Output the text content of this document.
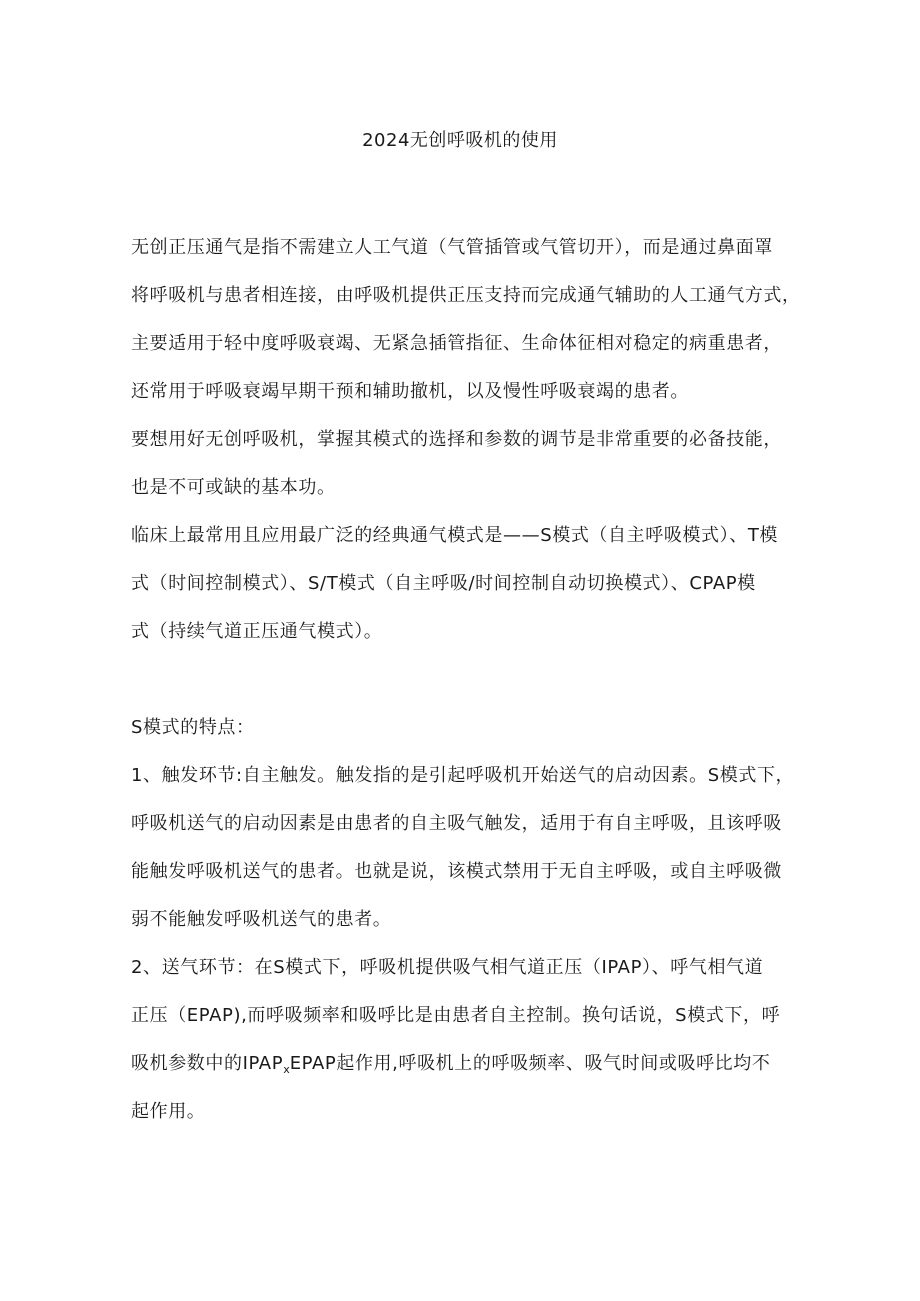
2024无创呼吸机的使用
无创正压通气是指不需建立人工气道（气管插管或气管切开），而是通过鼻面罩
将呼吸机与患者相连接，由呼吸机提供正压支持而完成通气辅助的人工通气方式，
主要适用于轻中度呼吸衰竭、无紧急插管指征、生命体征相对稳定的病重患者，
还常用于呼吸衰竭早期干预和辅助撤机，以及慢性呼吸衰竭的患者。
要想用好无创呼吸机，掌握其模式的选择和参数的调节是非常重要的必备技能，
也是不可或缺的基本功。
临床上最常用且应用最广泛的经典通气模式是——S模式（自主呼吸模式）、T模
式（时间控制模式）、S/T模式（自主呼吸/时间控制自动切换模式）、CPAP模
式（持续气道正压通气模式）。
S模式的特点：
1、触发环节:自主触发。触发指的是引起呼吸机开始送气的启动因素。S模式下，
呼吸机送气的启动因素是由患者的自主吸气触发，适用于有自主呼吸，且该呼吸
能触发呼吸机送气的患者。也就是说，该模式禁用于无自主呼吸，或自主呼吸微
弱不能触发呼吸机送气的患者。
2、送气环节：在S模式下，呼吸机提供吸气相气道正压（IPAP）、呼气相气道
正压（EPAP),而呼吸频率和吸呼比是由患者自主控制。换句话说，S模式下，呼
吸机参数中的$IPAP_xEPAP$起作用,呼吸机上的呼吸频率、吸气时间或吸呼比均不
起作用。
